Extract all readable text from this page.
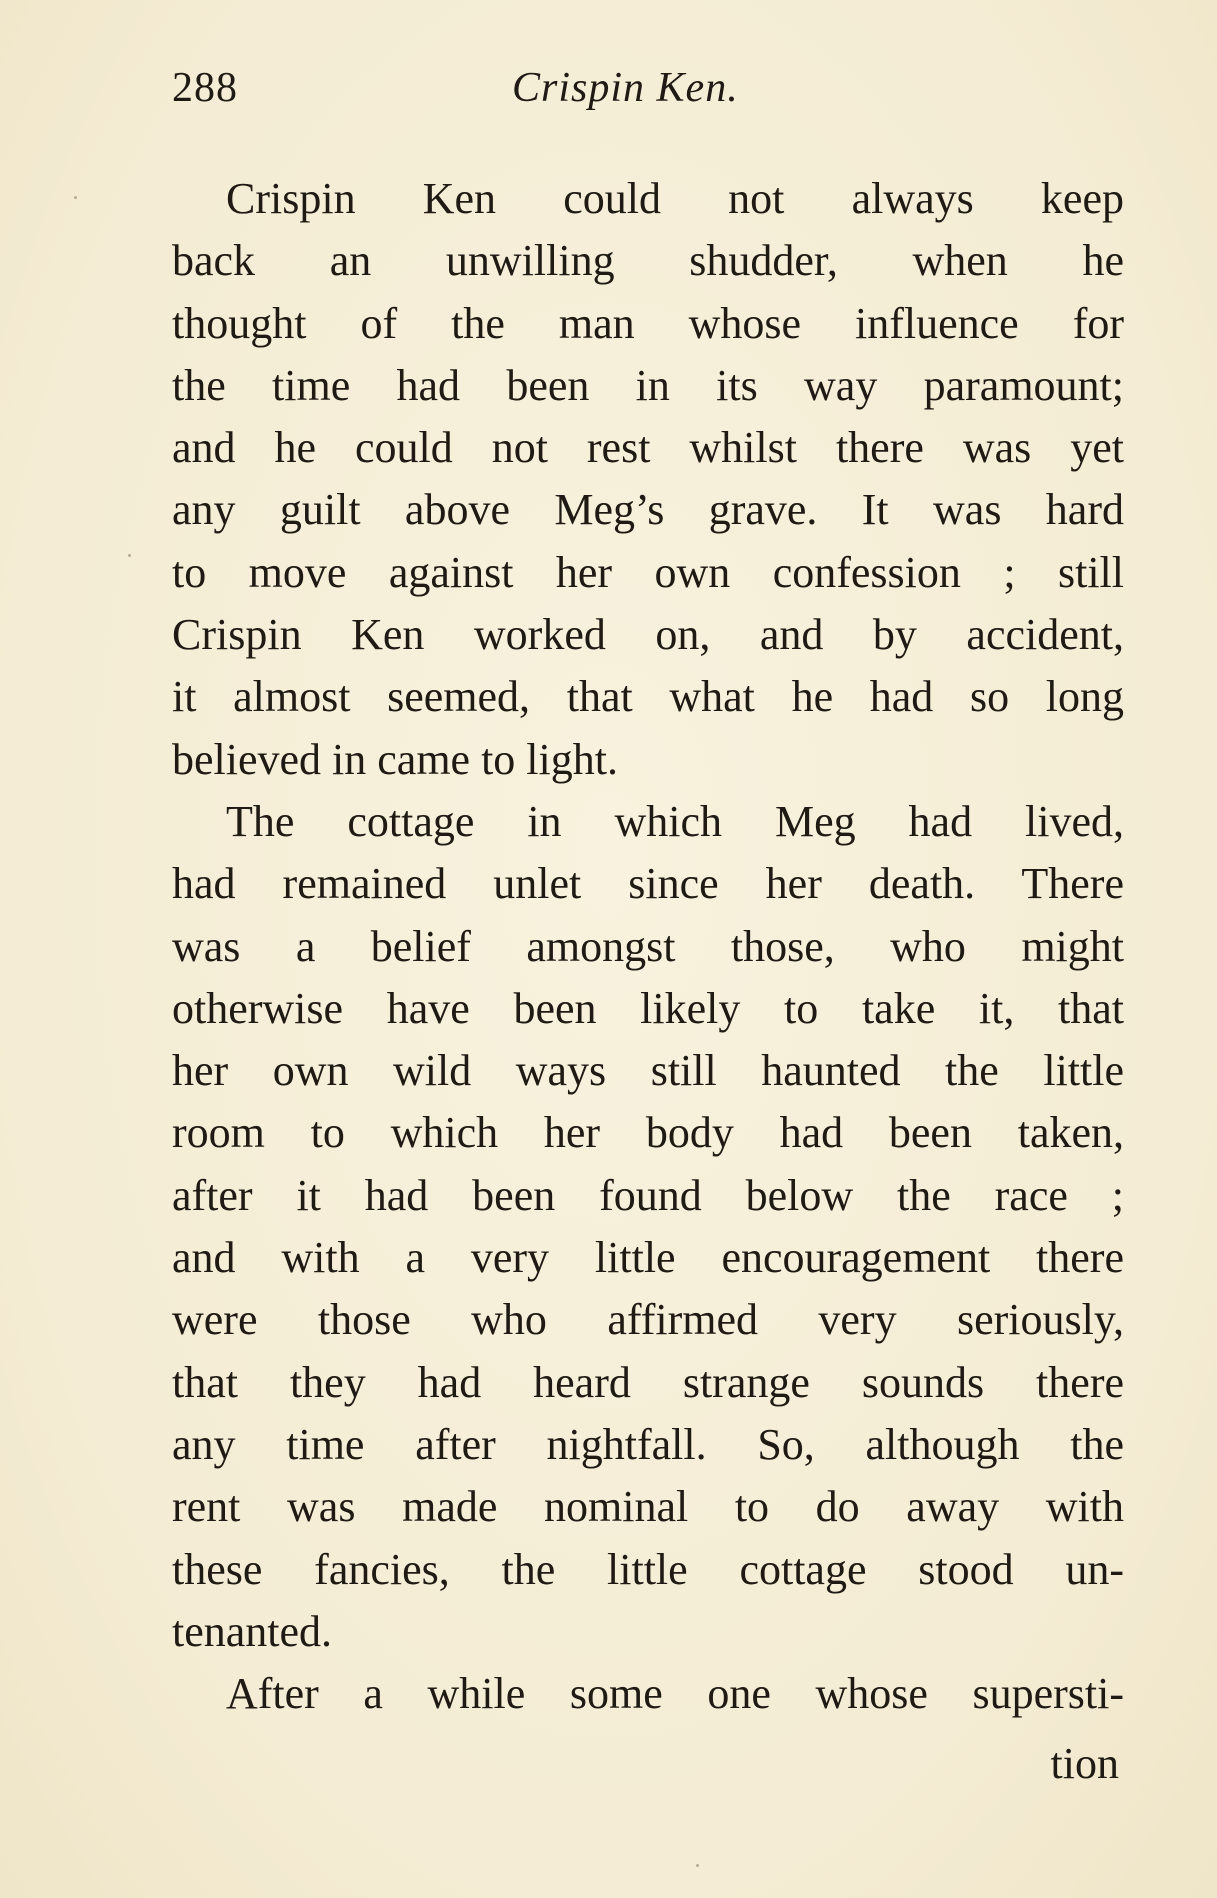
288	Crispin Ken.
Crispin Ken could not always keep
back an unwilling shudder, when he
thought of the man whose influence for
the time had been in its way paramount;
and he could not rest whilst there was yet
any guilt above Meg’s grave. It was hard
to move against her own confession ; still
Crispin Ken worked on, and by accident,
it almost seemed, that what he had so long
believed in came to light.
The cottage in which Meg had lived,
had remained unlet since her death. There
was a belief amongst those, who might
otherwise have been likely to take it, that
her own wild ways still haunted the little
room to which her body had been taken,
after it had been found below the race ;
and with a very little encouragement there
were those who affirmed very seriously,
that they had heard strange sounds there
any time after nightfall. So, although the
rent was made nominal to do away with
these fancies, the little cottage stood un-
tenanted.
After a while some one whose supersti-
tion
